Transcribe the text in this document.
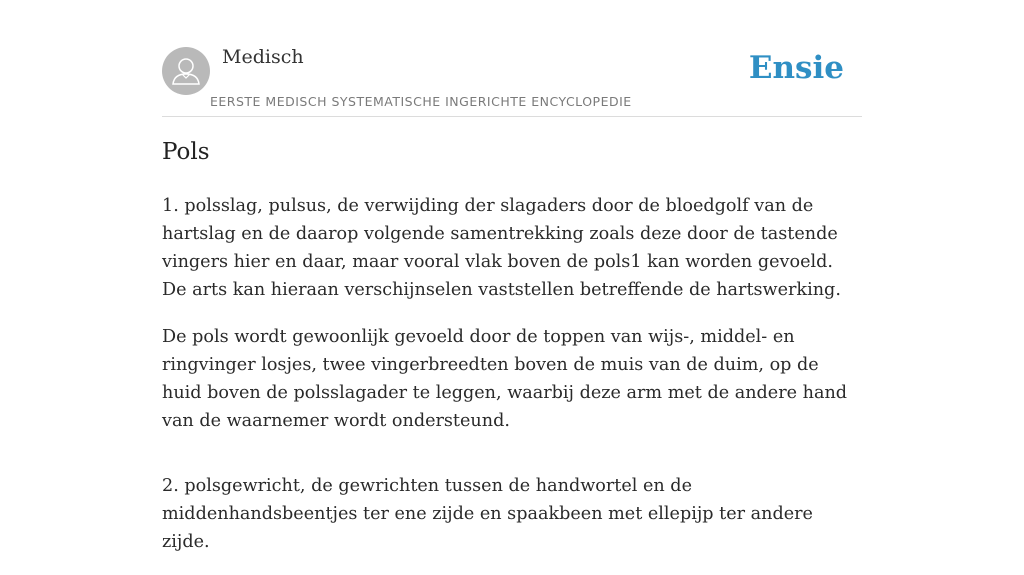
Medisch
EERSTE MEDISCH SYSTEMATISCHE INGERICHTE ENCYCLOPEDIE
Ensie
Pols

1. polsslag, pulsus, de verwijding der slagaders door de bloedgolf van de hartslag en de daarop volgende samentrekking zoals deze door de tastende vingers hier en daar, maar vooral vlak boven de pols1 kan worden gevoeld. De arts kan hieraan verschijnselen vaststellen betreffende de hartswerking.

De pols wordt gewoonlijk gevoeld door de toppen van wijs-, middel- en ringvinger losjes, twee vingerbreedten boven de muis van de duim, op de huid boven de polsslagader te leggen, waarbij deze arm met de andere hand van de waarnemer wordt ondersteund.

2. polsgewricht, de gewrichten tussen de handwortel en de middenhandsbeentjes ter ene zijde en spaakbeen met ellepijp ter andere zijde.
